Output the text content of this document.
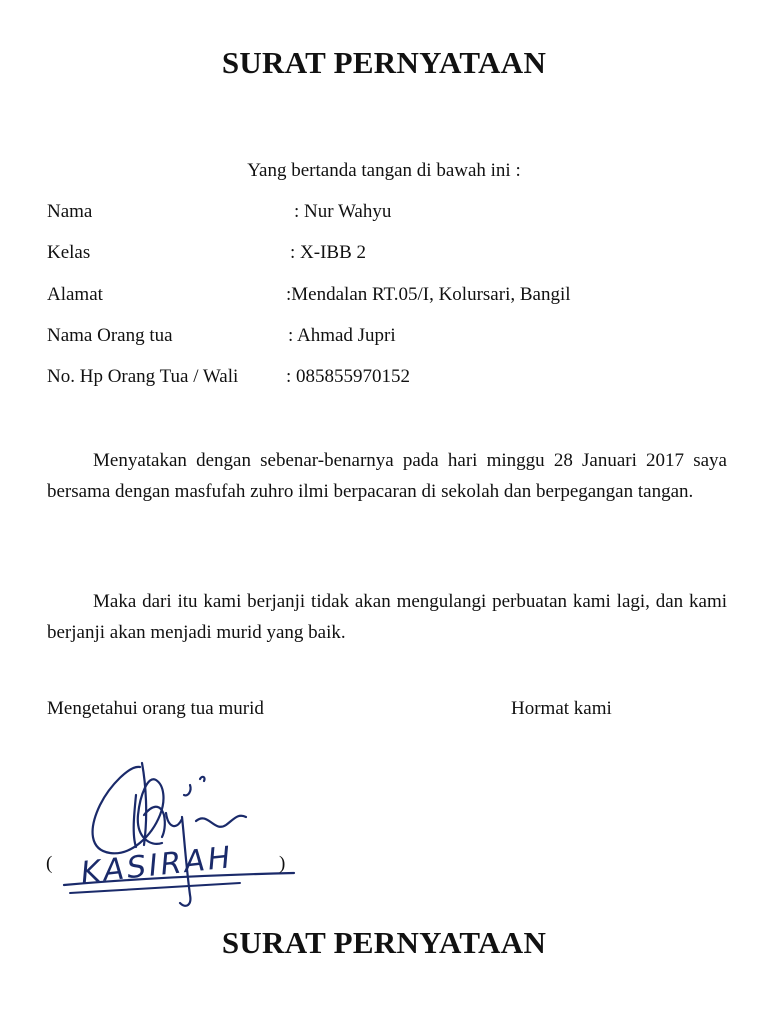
SURAT PERNYATAAN
Yang bertanda tangan di bawah ini :
Nama	: Nur Wahyu
Kelas	: X-IBB 2
Alamat	:Mendalan RT.05/I, Kolursari, Bangil
Nama Orang tua	: Ahmad Jupri
No. Hp Orang Tua / Wali	: 085855970152
Menyatakan dengan sebenar-benarnya pada hari minggu 28 Januari 2017 saya bersama dengan masfufah zuhro ilmi berpacaran di sekolah dan berpegangan tangan.
Maka dari itu kami berjanji tidak akan mengulangi perbuatan kami lagi, dan kami berjanji akan menjadi murid yang baik.
Mengetahui orang tua murid	Hormat kami
KASIRAH
(	)
SURAT PERNYATAAN
